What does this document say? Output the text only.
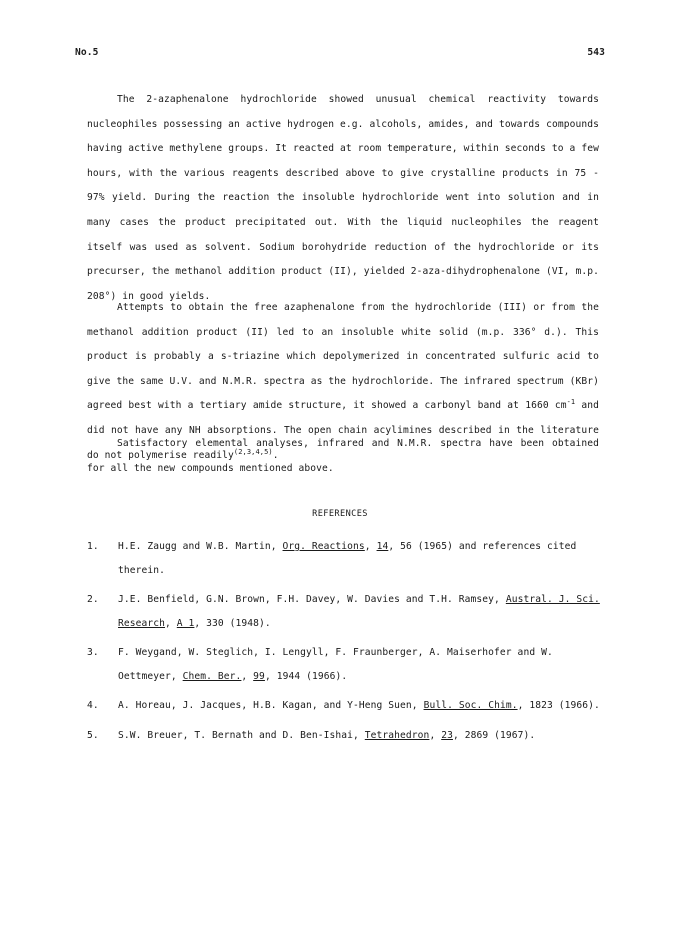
No.5	543

The 2-azaphenalone hydrochloride showed unusual chemical reactivity towards nucleophiles possessing an active hydrogen e.g. alcohols, amides, and towards compounds having active methylene groups. It reacted at room temperature, within seconds to a few hours, with the various reagents described above to give crystalline products in 75 - 97% yield. During the reaction the insoluble hydrochloride went into solution and in many cases the product precipitated out. With the liquid nucleophiles the reagent itself was used as solvent. Sodium borohydride reduction of the hydrochloride or its precurser, the methanol addition product (II), yielded 2-aza-dihydrophenalone (VI, m.p. 208°) in good yields.

Attempts to obtain the free azaphenalone from the hydrochloride (III) or from the methanol addition product (II) led to an insoluble white solid (m.p. 336° d.). This product is probably a s-triazine which depolymerized in concentrated sulfuric acid to give the same U.V. and N.M.R. spectra as the hydrochloride. The infrared spectrum (KBr) agreed best with a tertiary amide structure, it showed a carbonyl band at 1660 $cm^{-1}$ and did not have any NH absorptions. The open chain acylimines described in the literature do not polymerise readily$^{(2,3,4,5)}$.

Satisfactory elemental analyses, infrared and N.M.R. spectra have been obtained for all the new compounds mentioned above.

REFERENCES
1. H.E. Zaugg and W.B. Martin, Org. Reactions, 14, 56 (1965) and references cited therein.
2. J.E. Benfield, G.N. Brown, F.H. Davey, W. Davies and T.H. Ramsey, Austral. J. Sci. Research, A 1, 330 (1948).
3. F. Weygand, W. Steglich, I. Lengyll, F. Fraunberger, A. Maiserhofer and W. Oettmeyer, Chem. Ber., 99, 1944 (1966).
4. A. Horeau, J. Jacques, H.B. Kagan, and Y-Heng Suen, Bull. Soc. Chim., 1823 (1966).
5. S.W. Breuer, T. Bernath and D. Ben-Ishai, Tetrahedron, 23, 2869 (1967).
